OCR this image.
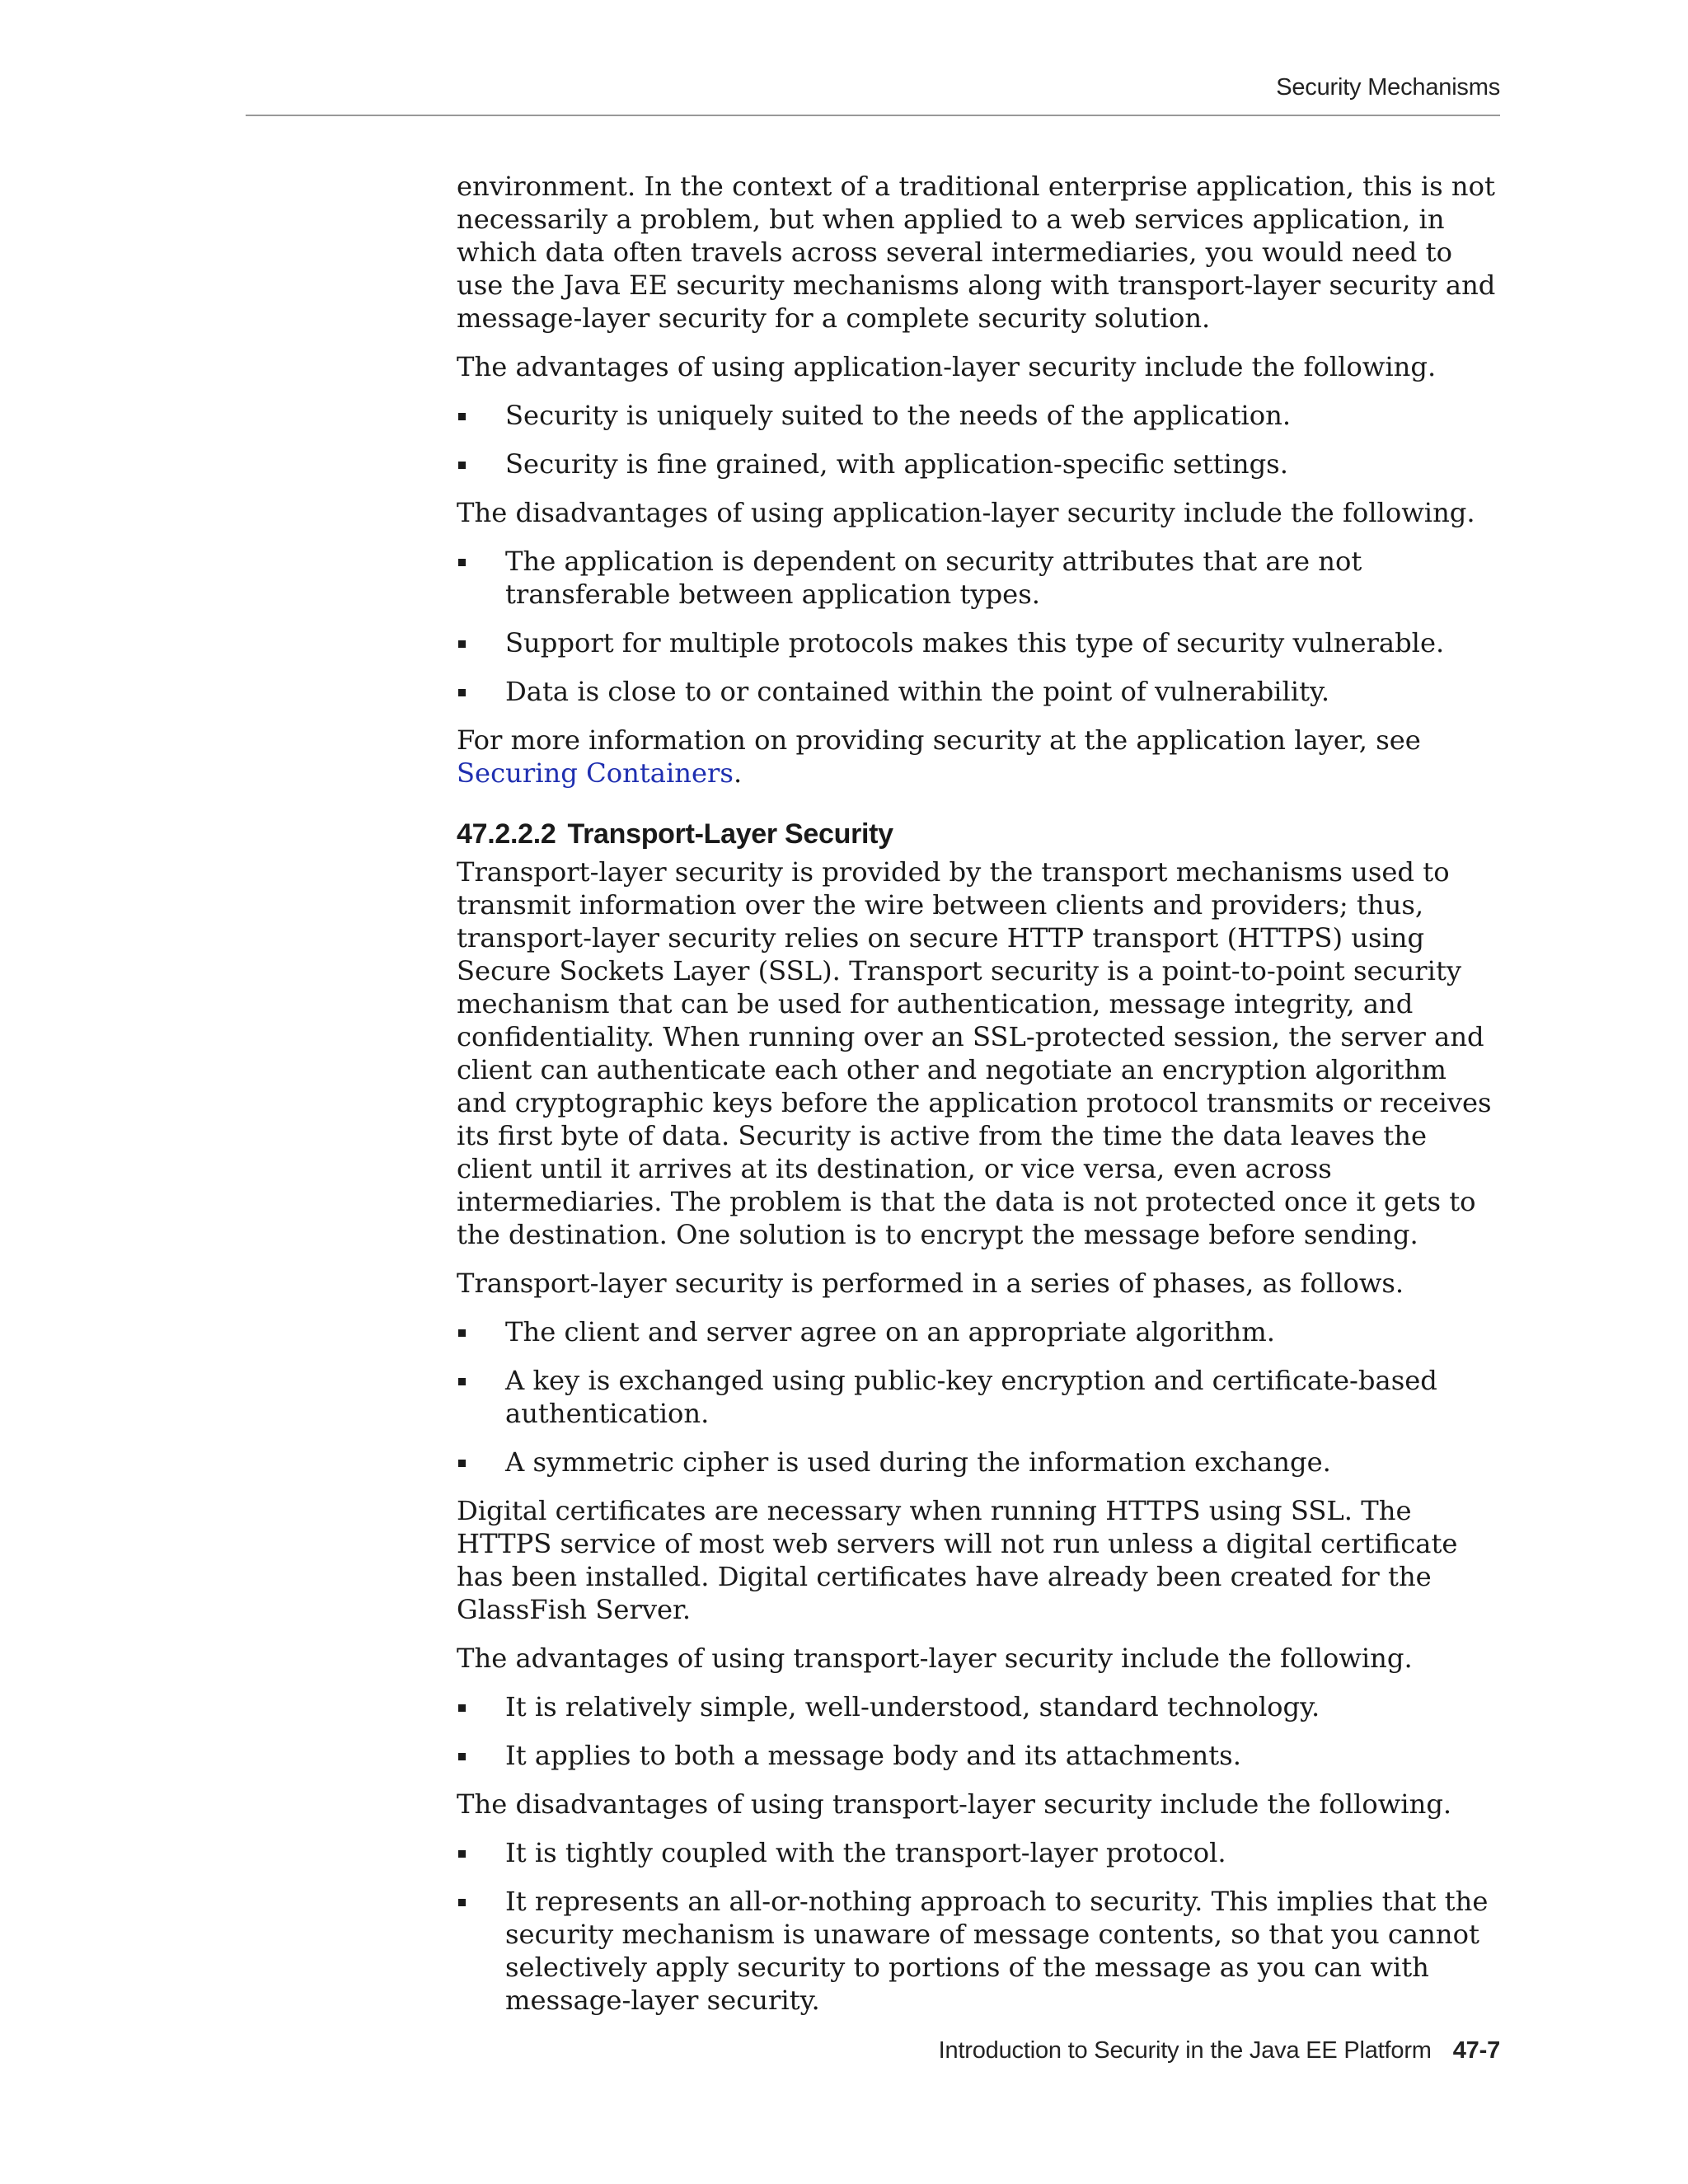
Security Mechanisms

environment. In the context of a traditional enterprise application, this is not necessarily a problem, but when applied to a web services application, in which data often travels across several intermediaries, you would need to use the Java EE security mechanisms along with transport-layer security and message-layer security for a complete security solution.

The advantages of using application-layer security include the following.

Security is uniquely suited to the needs of the application.
Security is fine grained, with application-specific settings.

The disadvantages of using application-layer security include the following.

The application is dependent on security attributes that are not transferable between application types.
Support for multiple protocols makes this type of security vulnerable.
Data is close to or contained within the point of vulnerability.

For more information on providing security at the application layer, see Securing Containers.

47.2.2.2 Transport-Layer Security

Transport-layer security is provided by the transport mechanisms used to transmit information over the wire between clients and providers; thus, transport-layer security relies on secure HTTP transport (HTTPS) using Secure Sockets Layer (SSL). Transport security is a point-to-point security mechanism that can be used for authentication, message integrity, and confidentiality. When running over an SSL-protected session, the server and client can authenticate each other and negotiate an encryption algorithm and cryptographic keys before the application protocol transmits or receives its first byte of data. Security is active from the time the data leaves the client until it arrives at its destination, or vice versa, even across intermediaries. The problem is that the data is not protected once it gets to the destination. One solution is to encrypt the message before sending.

Transport-layer security is performed in a series of phases, as follows.

The client and server agree on an appropriate algorithm.
A key is exchanged using public-key encryption and certificate-based authentication.
A symmetric cipher is used during the information exchange.

Digital certificates are necessary when running HTTPS using SSL. The HTTPS service of most web servers will not run unless a digital certificate has been installed. Digital certificates have already been created for the GlassFish Server.

The advantages of using transport-layer security include the following.

It is relatively simple, well-understood, standard technology.
It applies to both a message body and its attachments.

The disadvantages of using transport-layer security include the following.

It is tightly coupled with the transport-layer protocol.
It represents an all-or-nothing approach to security. This implies that the security mechanism is unaware of message contents, so that you cannot selectively apply security to portions of the message as you can with message-layer security.
Introduction to Security in the Java EE Platform 47-7
